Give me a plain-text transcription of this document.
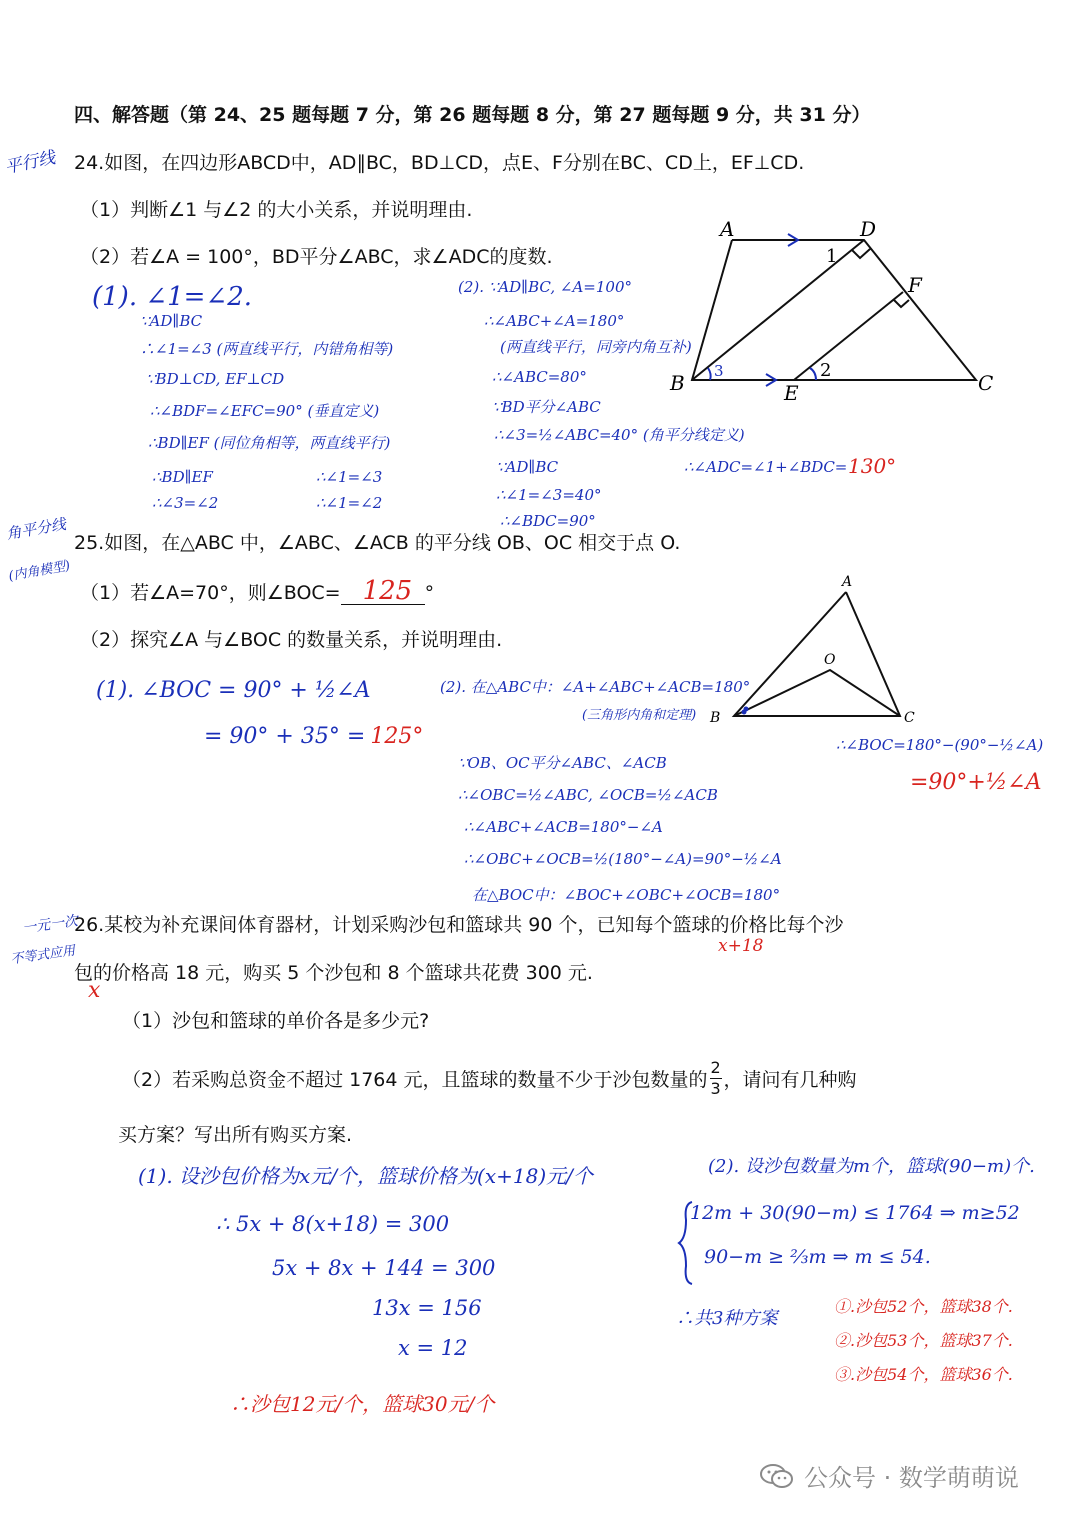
四、解答题（第 24、25 题每题 7 分，第 26 题每题 8 分，第 27 题每题 9 分，共 31 分）
平行线 24.如图，在四边形ABCD中，AD∥BC，BD⊥CD，点E、F分别在BC、CD上，EF⊥CD.
（1）判断∠1 与∠2 的大小关系，并说明理由.
（2）若∠A = 100°，BD平分∠ABC，求∠ADC的度数.
A	D
F
B	E	C
1
2
3
(1). ∠1=∠2.
∵AD∥BC
∴∠1=∠3 (两直线平行，内错角相等)
∵BD⊥CD, EF⊥CD
∴∠BDF=∠EFC=90° (垂直定义)
∴BD∥EF (同位角相等，两直线平行)
∴BD∥EF
∴∠3=∠2
∴∠1=∠3
∴∠1=∠2
(2). ∵AD∥BC, ∠A=100°
∴∠ABC+∠A=180°
(两直线平行，同旁内角互补)
∴∠ABC=80°
∵BD平分∠ABC
∴∠3=½∠ABC=40° (角平分线定义)
∵AD∥BC
∴∠1=∠3=40°
∴∠BDC=90°
∴∠ADC=∠1+∠BDC= 130°
角平分线
(内角模型)
25.如图，在△ABC 中，∠ABC、∠ACB 的平分线 OB、OC 相交于点 O.
（1）若∠A=70°，则∠BOC= 125 °
（2）探究∠A 与∠BOC 的数量关系，并说明理由.
A
B	C
O
(1). ∠BOC = 90° + ½∠A
= 90° + 35° = 125°
(2). 在△ABC中：∠A+∠ABC+∠ACB=180°
(三角形内角和定理)
∵OB、OC平分∠ABC、∠ACB
∴∠OBC=½∠ABC, ∠OCB=½∠ACB
∴∠ABC+∠ACB=180°−∠A
∴∠OBC+∠OCB=½(180°−∠A)=90°−½∠A
在△BOC中：∠BOC+∠OBC+∠OCB=180°
∴∠BOC=180°−(90°−½∠A)
=90°+½∠A
一元一次
不等式应用
26.某校为补充课间体育器材，计划采购沙包和篮球共 90 个，已知每个篮球的价格比每个沙
x+18
包的价格高 18 元，购买 5 个沙包和 8 个篮球共花费 300 元.
x
（1）沙包和篮球的单价各是多少元?
（2）若采购总资金不超过 1764 元，且篮球的数量不少于沙包数量的 $\frac{2}{3}$ ，请问有几种购
买方案？写出所有购买方案.
(1). 设沙包价格为x元/个，篮球价格为(x+18)元/个
∴ 5x + 8(x+18) = 300
5x + 8x + 144 = 300
13x = 156
x = 12
∴沙包12元/个，篮球30元/个
(2). 设沙包数量为m个，篮球(90−m)个.
12m + 30(90−m) ≤ 1764 ⇒ m≥52
90−m ≥ ⅔m ⇒ m ≤ 54.
∴共3种方案
①.沙包52个，篮球38个.
②.沙包53个，篮球37个.
③.沙包54个，篮球36个.
公众号 · 数学萌萌说
